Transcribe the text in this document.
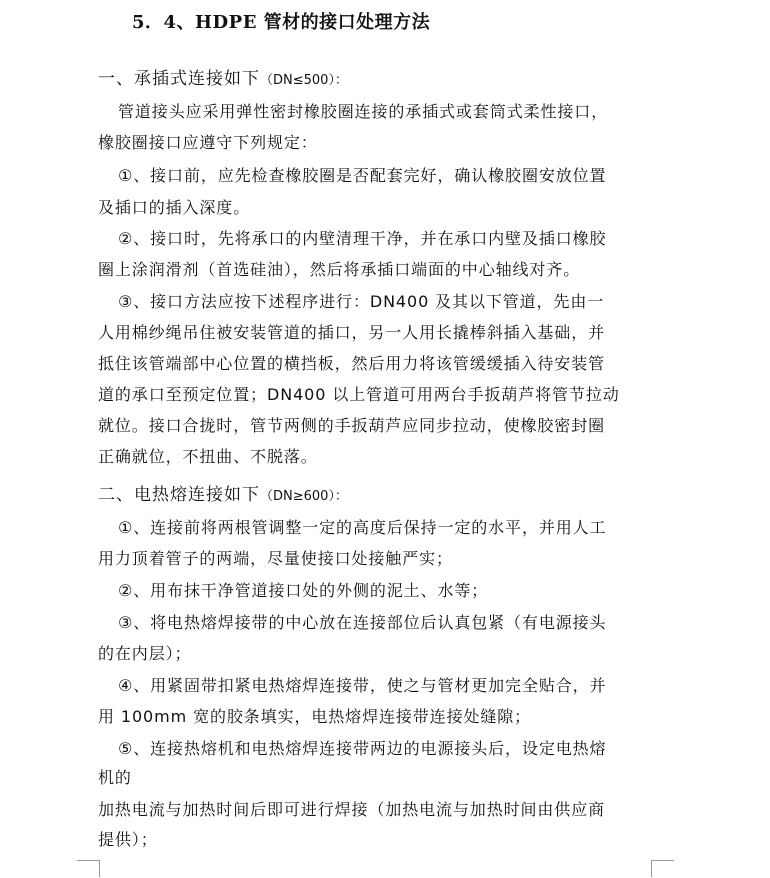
5．4、HDPE 管材的接口处理方法
一、承插式连接如下（DN≤500）：
管道接头应采用弹性密封橡胶圈连接的承插式或套筒式柔性接口，
橡胶圈接口应遵守下列规定：
①、接口前，应先检查橡胶圈是否配套完好，确认橡胶圈安放位置
及插口的插入深度。
②、接口时，先将承口的内壁清理干净，并在承口内壁及插口橡胶
圈上涂润滑剂（首选硅油），然后将承插口端面的中心轴线对齐。
③、接口方法应按下述程序进行：DN400 及其以下管道，先由一
人用棉纱绳吊住被安装管道的插口，另一人用长撬棒斜插入基础，并
抵住该管端部中心位置的横挡板，然后用力将该管缓缓插入待安装管
道的承口至预定位置；DN400 以上管道可用两台手扳葫芦将管节拉动
就位。接口合拢时，管节两侧的手扳葫芦应同步拉动，使橡胶密封圈
正确就位，不扭曲、不脱落。
二、电热熔连接如下（DN≥600）：
①、连接前将两根管调整一定的高度后保持一定的水平，并用人工
用力顶着管子的两端，尽量使接口处接触严实；
②、用布抹干净管道接口处的外侧的泥土、水等；
③、将电热熔焊接带的中心放在连接部位后认真包紧（有电源接头
的在内层）；
④、用紧固带扣紧电热熔焊连接带，使之与管材更加完全贴合，并
用 100mm 宽的胶条填实，电热熔焊连接带连接处缝隙；
⑤、连接热熔机和电热熔焊连接带两边的电源接头后，设定电热熔
机的
加热电流与加热时间后即可进行焊接（加热电流与加热时间由供应商
提供）；
